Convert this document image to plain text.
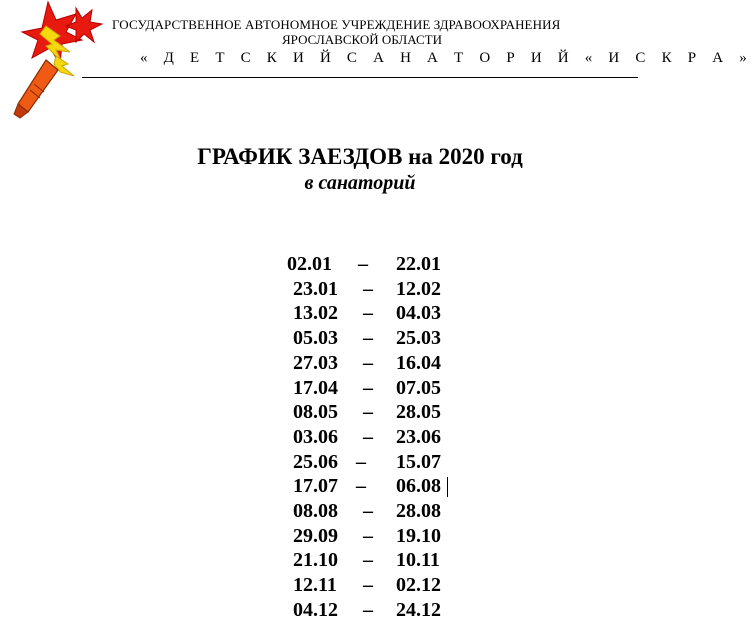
ГОСУДАРСТВЕННОЕ АВТОНОМНОЕ УЧРЕЖДЕНИЕ ЗДРАВООХРАНЕНИЯ
ЯРОСЛАВСКОЙ ОБЛАСТИ
« Д Е Т С К И Й С А Н А Т О Р И Й « И С К Р А »
ГРАФИК ЗАЕЗДОВ на 2020 год
в санаторий
02.01 – 22.01
23.01 – 12.02
13.02 – 04.03
05.03 – 25.03
27.03 – 16.04
17.04 – 07.05
08.05 – 28.05
03.06 – 23.06
25.06 – 15.07
17.07 – 06.08
08.08 – 28.08
29.09 – 19.10
21.10 – 10.11
12.11 – 02.12
04.12 – 24.12
